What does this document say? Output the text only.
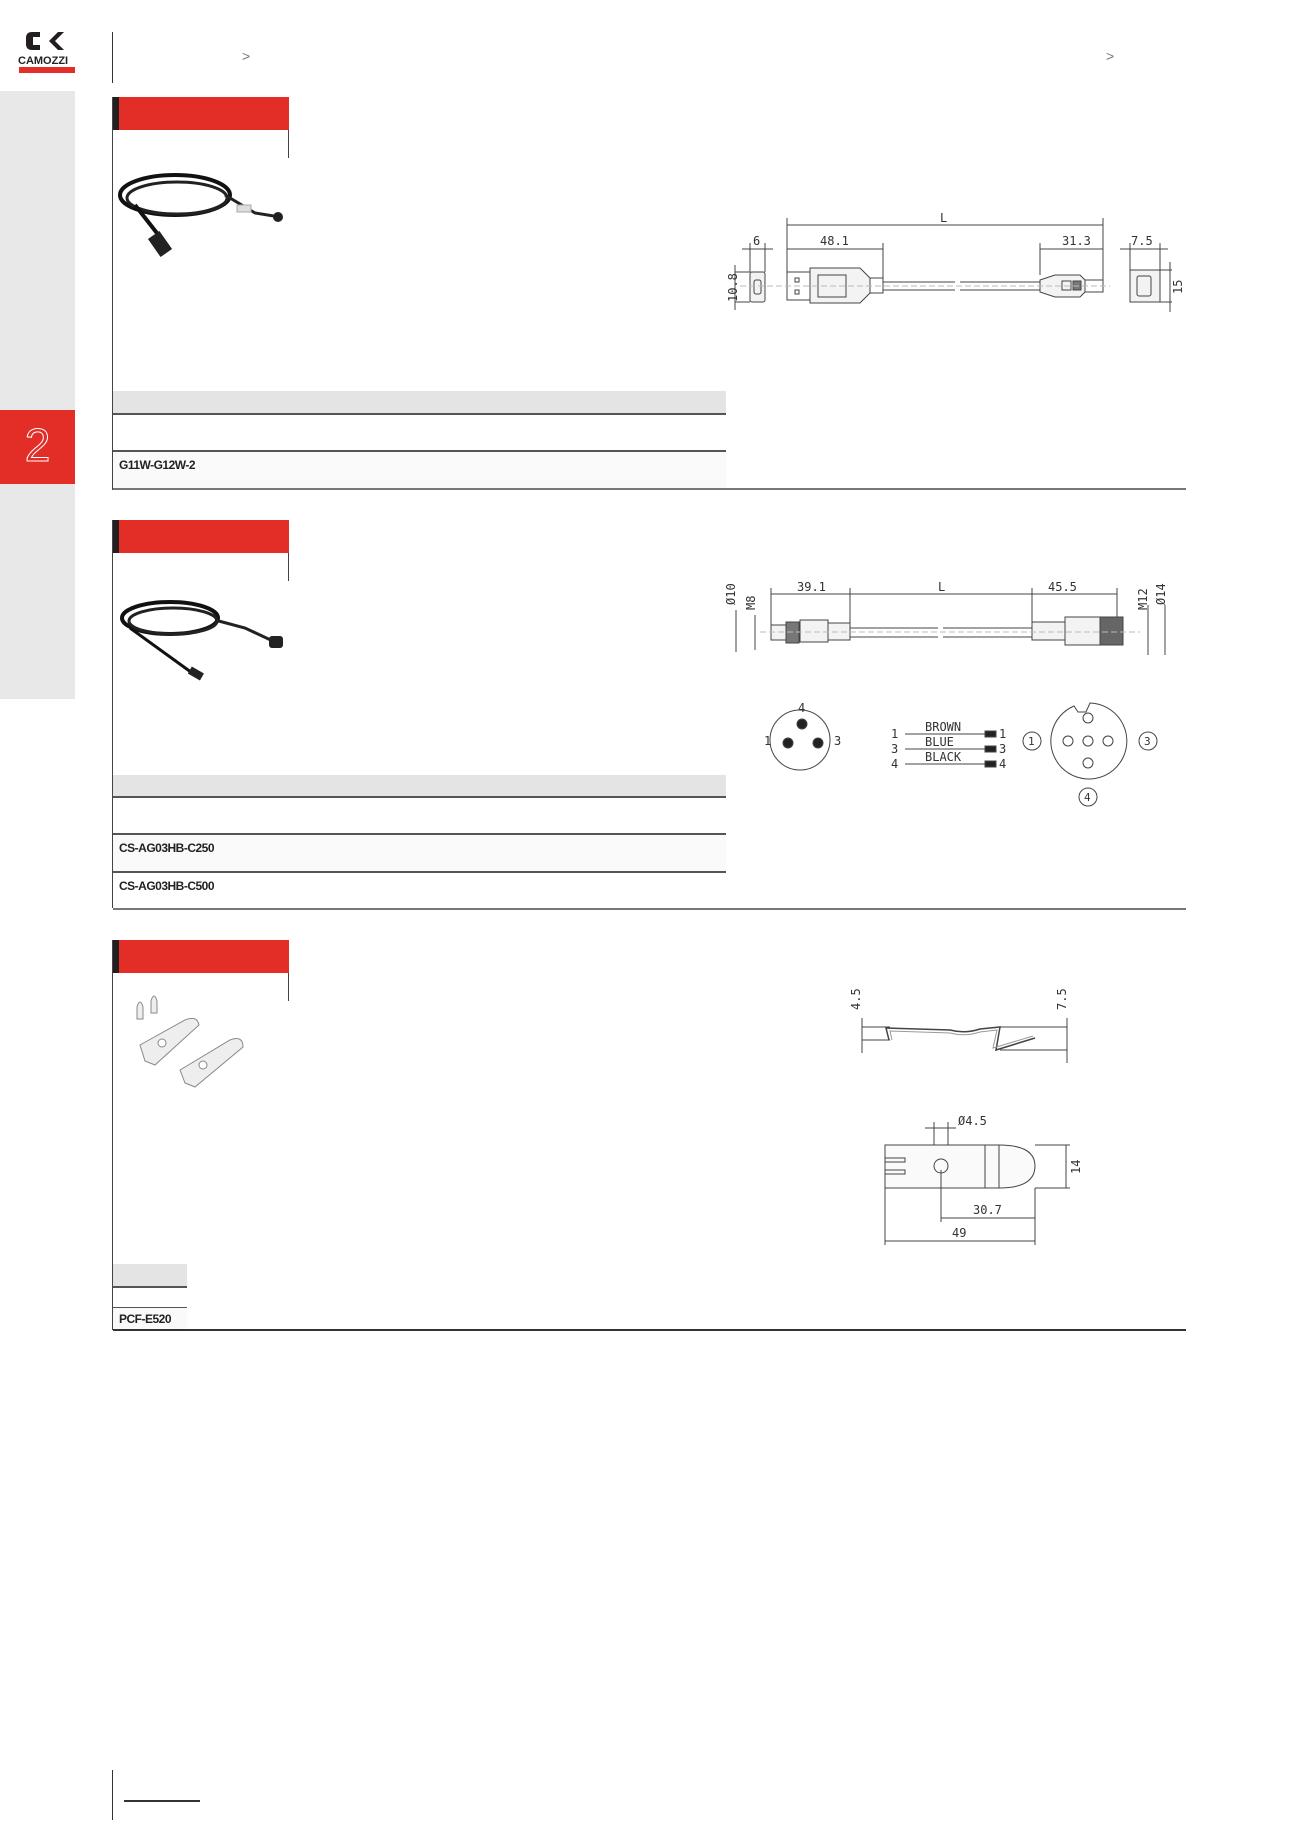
CAMOZZI	>	>
2	G11W-G12W-2
L
6	48.1	31.3	7.5
10.8	15
CS-AG03HB-C250
CS-AG03HB-C500
Ø10 M8
39.1	L	45.5
M12 Ø14
4
1	3	1 BROWN	1
3 BLUE	3
4 BLACK	4
1	3
4
PCF-E520
4.5	7.5
Ø4.5
14
30.7
49
